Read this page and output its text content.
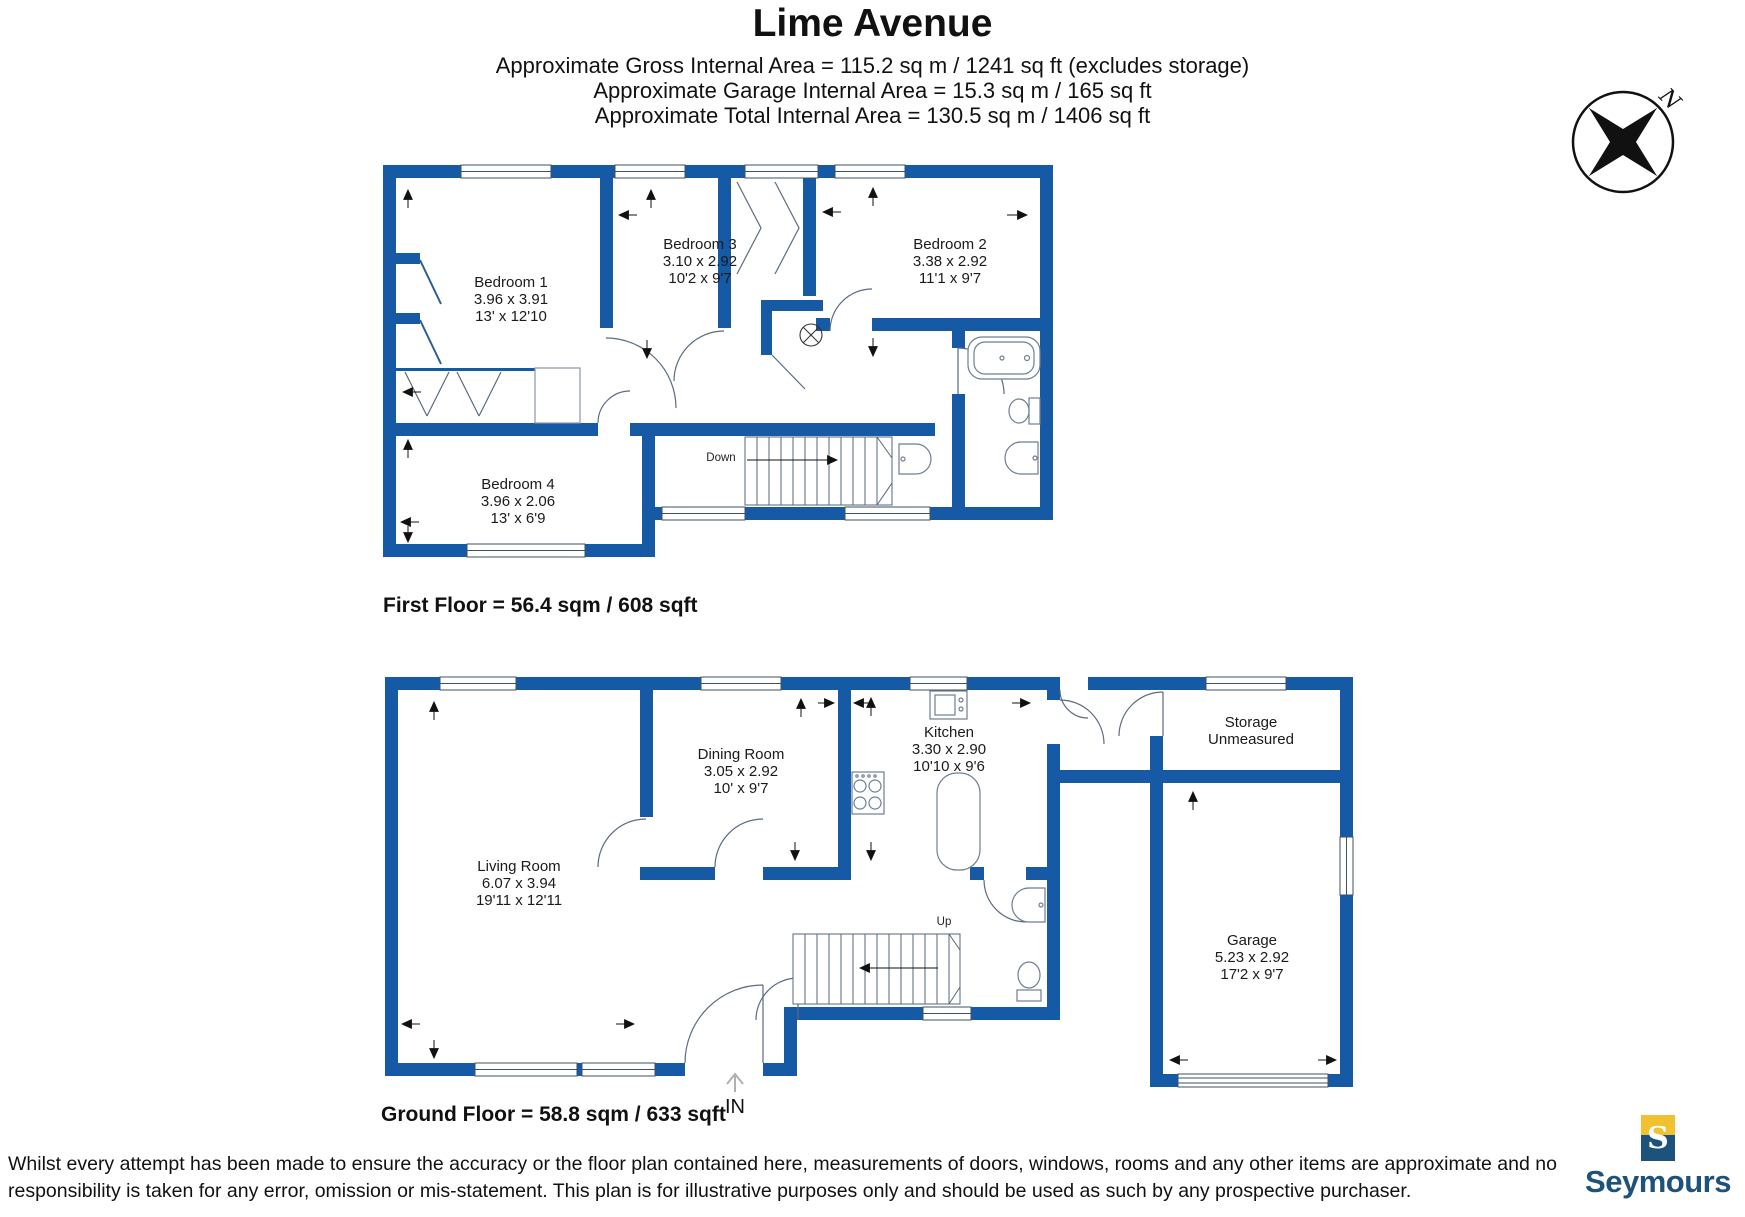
Lime Avenue
Approximate Gross Internal Area = 115.2 sq m / 1241 sq ft (excludes storage)
Approximate Garage Internal Area = 15.3 sq m / 165 sq ft
Approximate Total Internal Area = 130.5 sq m / 1406 sq ft
N
Bedroom 1
3.96 x 3.91
13' x 12'10
Bedroom 3
3.10 x 2.92
10'2 x 9'7
Bedroom 2
3.38 x 2.92
11'1 x 9'7
Bedroom 4
3.96 x 2.06
13' x 6'9
Down
First Floor = 56.4 sqm / 608 sqft
Living Room
6.07 x 3.94
19'11 x 12'11
Dining Room
3.05 x 2.92
10' x 9'7
Kitchen
3.30 x 2.90
10'10 x 9'6
Storage
Unmeasured
Garage
5.23 x 2.92
17'2 x 9'7
Up
IN
Ground Floor = 58.8 sqm / 633 sqft
Whilst every attempt has been made to ensure the accuracy or the floor plan contained here, measurements of doors, windows, rooms and any other items are approximate and no
responsibility is taken for any error, omission or mis-statement. This plan is for illustrative purposes only and should be used as such by any prospective purchaser.
S
Seymours
